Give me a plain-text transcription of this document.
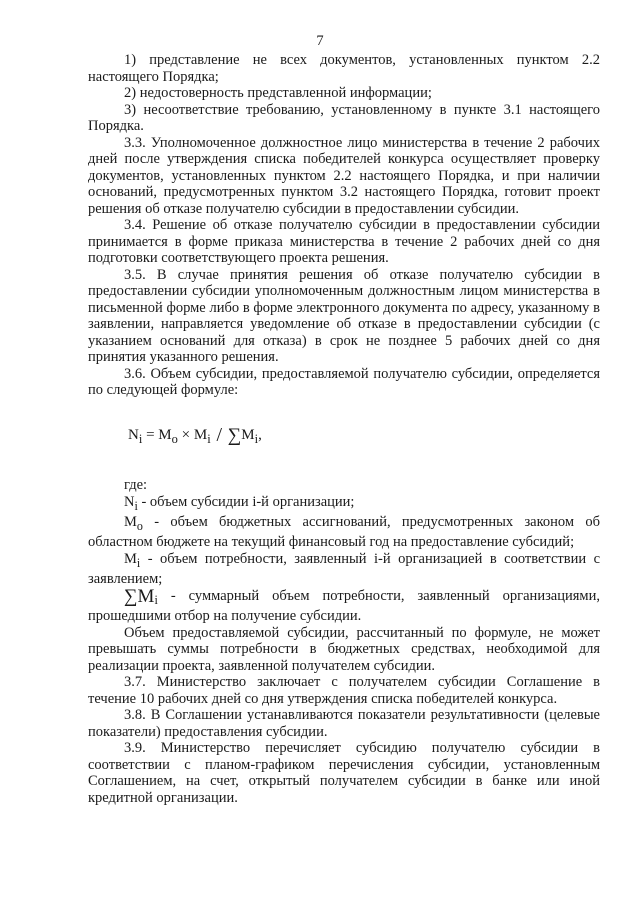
7

1) представление не всех документов, установленных пунктом 2.2 настоящего Порядка;

2) недостоверность представленной информации;

3) несоответствие требованию, установленному в пункте 3.1 настоящего Порядка.

3.3. Уполномоченное должностное лицо министерства в течение 2 рабочих дней после утверждения списка победителей конкурса осуществляет проверку документов, установленных пунктом 2.2 настоящего Порядка, и при наличии оснований, предусмотренных пунктом 3.2 настоящего Порядка, готовит проект решения об отказе получателю субсидии в предоставлении субсидии.

3.4. Решение об отказе получателю субсидии в предоставлении субсидии принимается в форме приказа министерства в течение 2 рабочих дней со дня подготовки соответствующего проекта решения.

3.5. В случае принятия решения об отказе получателю субсидии в предоставлении субсидии уполномоченным должностным лицом министерства в письменной форме либо в форме электронного документа по адресу, указанному в заявлении, направляется уведомление об отказе в предоставлении субсидии (с указанием оснований для отказа) в срок не позднее 5 рабочих дней со дня принятия указанного решения.

3.6. Объем субсидии, предоставляемой получателю субсидии, определяется по следующей формуле:

$N_i = M_o \times M_i / \sum M_i$,

где:

$N_i$ - объем субсидии i-й организации;

$M_o$ - объем бюджетных ассигнований, предусмотренных законом об областном бюджете на текущий финансовый год на предоставление субсидий;

$M_i$ - объем потребности, заявленный i-й организацией в соответствии с заявлением;

$\sum M_i$ - суммарный объем потребности, заявленный организациями, прошедшими отбор на получение субсидии.

Объем предоставляемой субсидии, рассчитанный по формуле, не может превышать суммы потребности в бюджетных средствах, необходимой для реализации проекта, заявленной получателем субсидии.

3.7. Министерство заключает с получателем субсидии Соглашение в течение 10 рабочих дней со дня утверждения списка победителей конкурса.

3.8. В Соглашении устанавливаются показатели результативности (целевые показатели) предоставления субсидии.

3.9. Министерство перечисляет субсидию получателю субсидии в соответствии с планом-графиком перечисления субсидии, установленным Соглашением, на счет, открытый получателем субсидии в банке или иной кредитной организации.
